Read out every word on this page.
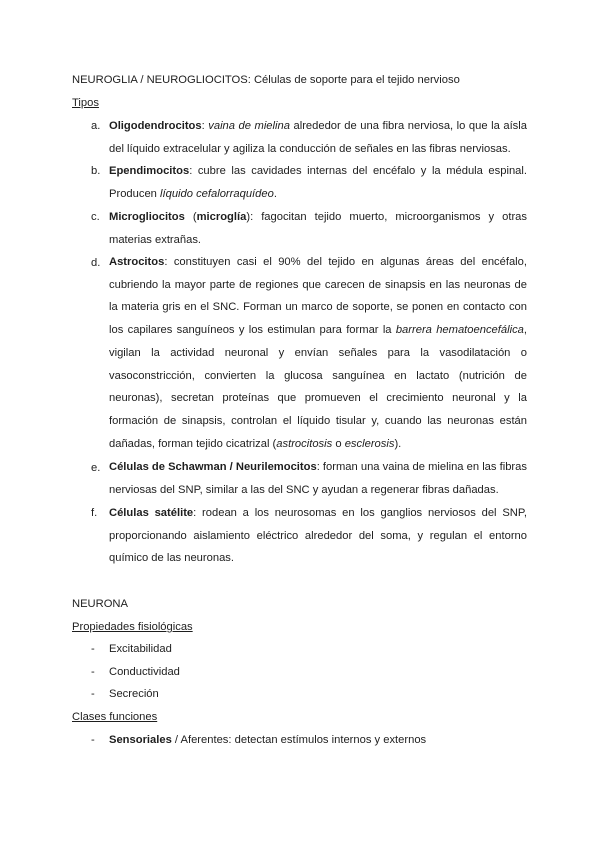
NEUROGLIA / NEUROGLIOCITOS: Células de soporte para el tejido nervioso
Tipos
a. Oligodendrocitos: vaina de mielina alrededor de una fibra nerviosa, lo que la aísla del líquido extracelular y agiliza la conducción de señales en las fibras nerviosas.
b. Ependimocitos: cubre las cavidades internas del encéfalo y la médula espinal. Producen líquido cefalorraquídeo.
c. Microgliocitos (microglía): fagocitan tejido muerto, microorganismos y otras materias extrañas.
d. Astrocitos: constituyen casi el 90% del tejido en algunas áreas del encéfalo, cubriendo la mayor parte de regiones que carecen de sinapsis en las neuronas de la materia gris en el SNC. Forman un marco de soporte, se ponen en contacto con los capilares sanguíneos y los estimulan para formar la barrera hematoencefálica, vigilan la actividad neuronal y envían señales para la vasodilatación o vasoconstricción, convierten la glucosa sanguínea en lactato (nutrición de neuronas), secretan proteínas que promueven el crecimiento neuronal y la formación de sinapsis, controlan el líquido tisular y, cuando las neuronas están dañadas, forman tejido cicatrizal (astrocitosis o esclerosis).
e. Células de Schawman / Neurilemocitos: forman una vaina de mielina en las fibras nerviosas del SNP, similar a las del SNC y ayudan a regenerar fibras dañadas.
f. Células satélite: rodean a los neurosomas en los ganglios nerviosos del SNP, proporcionando aislamiento eléctrico alrededor del soma, y regulan el entorno químico de las neuronas.
NEURONA
Propiedades fisiológicas
- Excitabilidad
- Conductividad
- Secreción
Clases funciones
- Sensoriales / Aferentes: detectan estímulos internos y externos
